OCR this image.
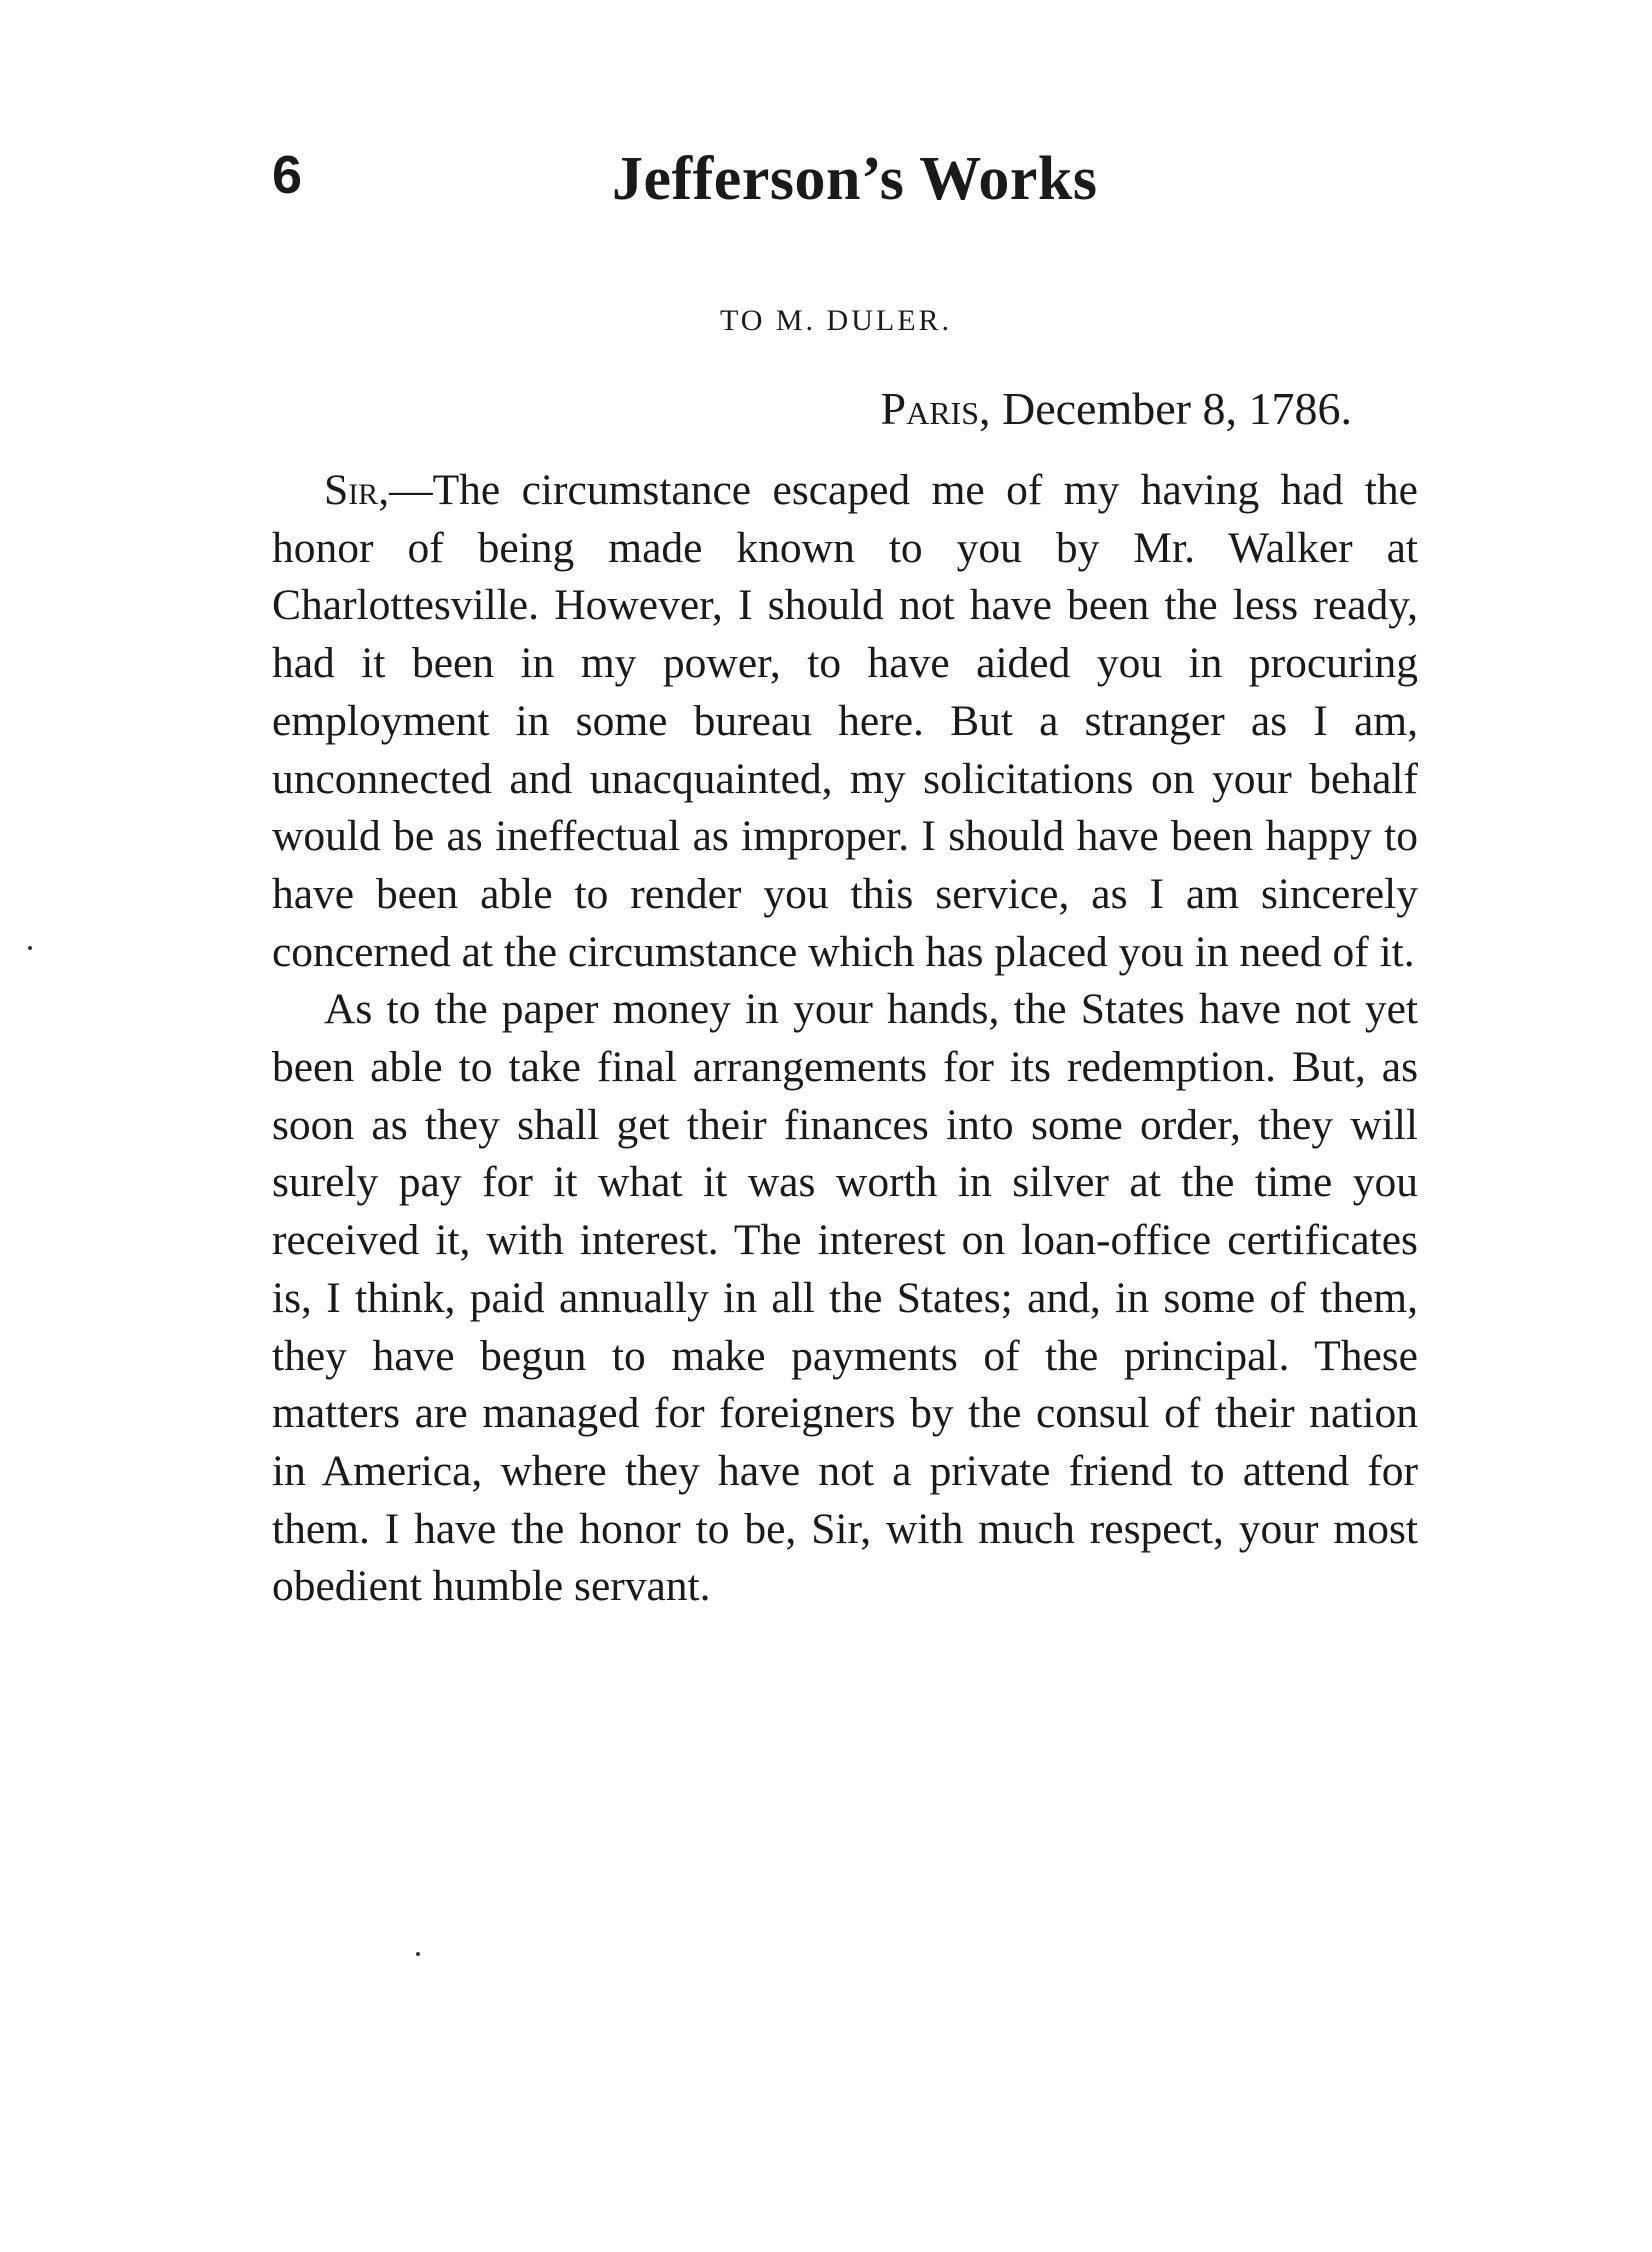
6	Jefferson’s Works
TO M. DULER.
Paris, December 8, 1786.

Sir,—The circumstance escaped me of my having had the honor of being made known to you by Mr. Walker at Charlottesville. However, I should not have been the less ready, had it been in my power, to have aided you in procuring employment in some bureau here. But a stranger as I am, unconnected and unacquainted, my solicitations on your behalf would be as ineffectual as improper. I should have been happy to have been able to render you this service, as I am sincerely concerned at the circumstance which has placed you in need of it.

As to the paper money in your hands, the States have not yet been able to take final arrangements for its redemption. But, as soon as they shall get their finances into some order, they will surely pay for it what it was worth in silver at the time you received it, with interest. The interest on loan-office certificates is, I think, paid annually in all the States; and, in some of them, they have begun to make payments of the principal. These matters are managed for foreigners by the consul of their nation in America, where they have not a private friend to attend for them. I have the honor to be, Sir, with much respect, your most obedient humble servant.
